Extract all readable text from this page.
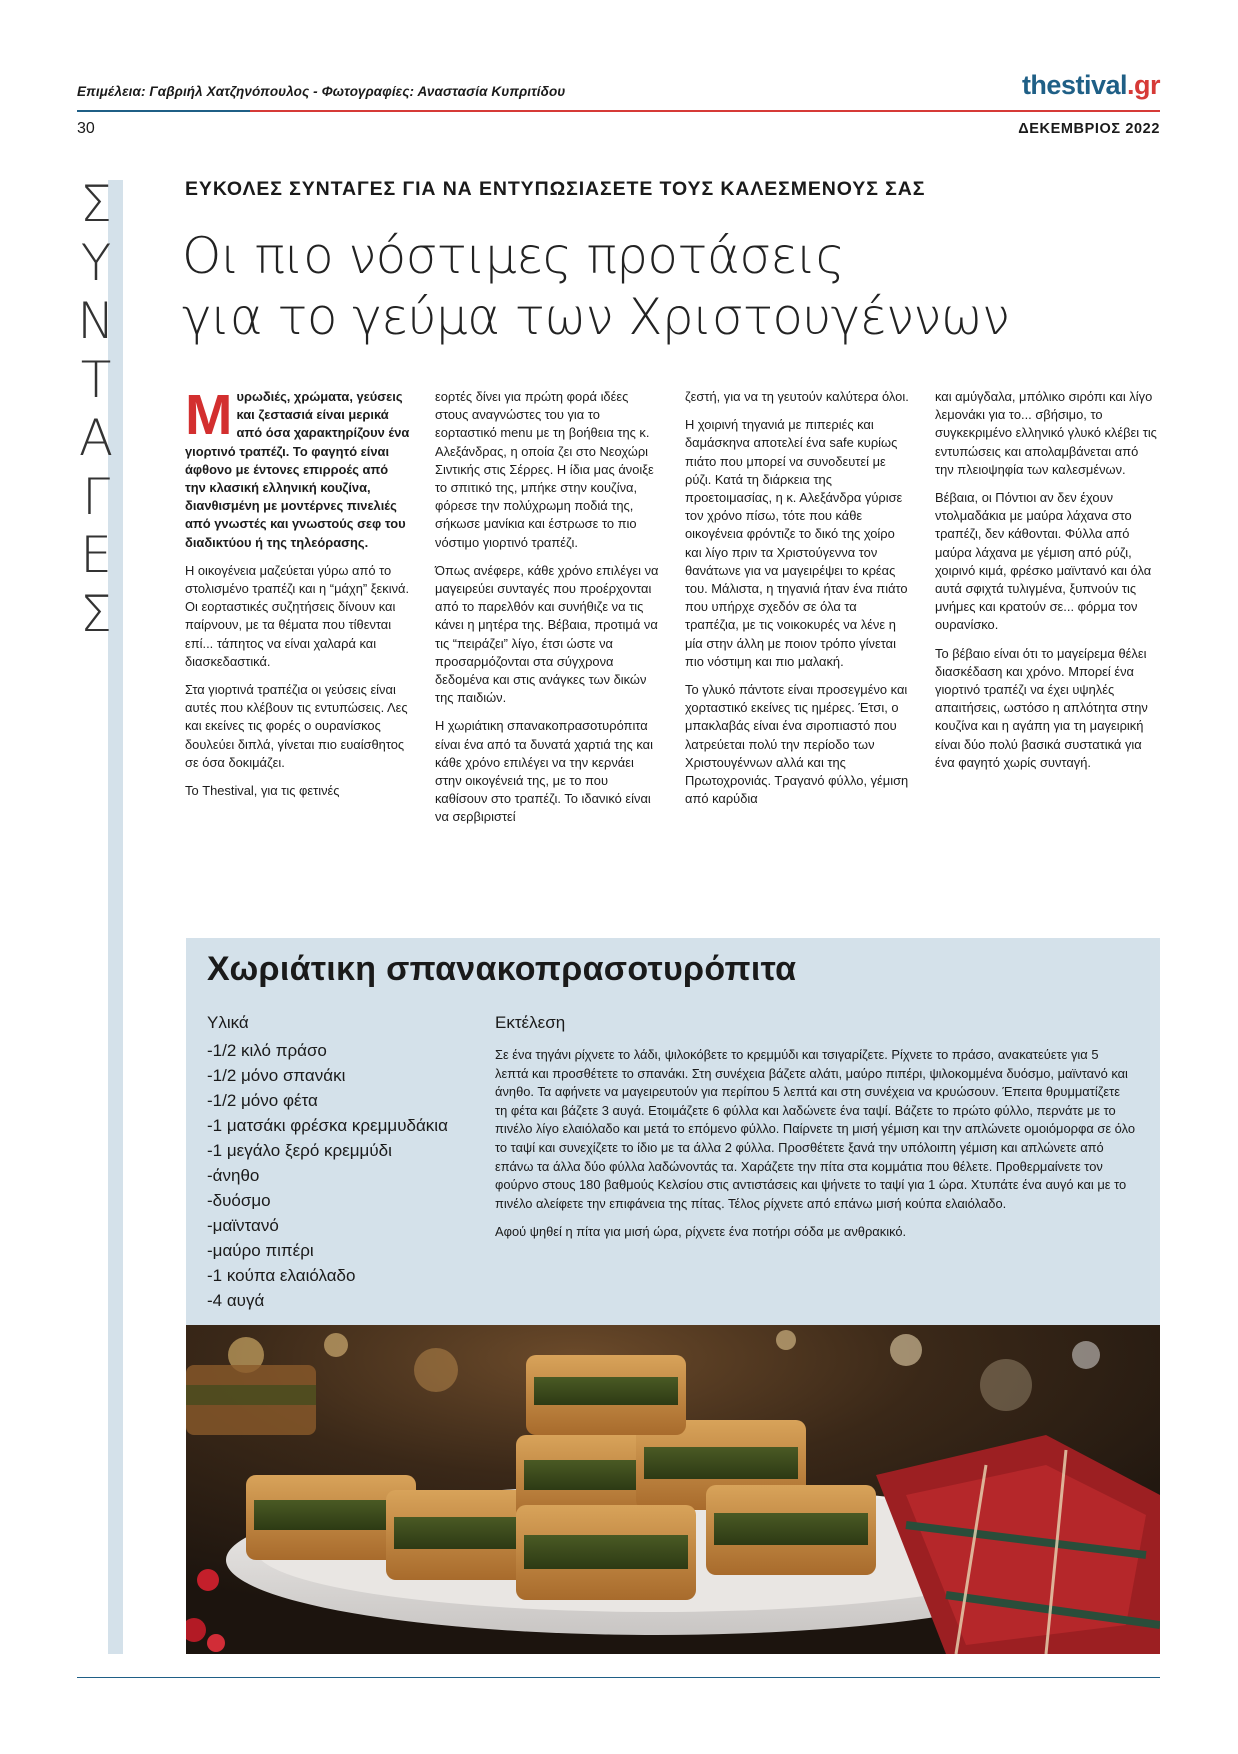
Επιμέλεια: Γαβριήλ Χατζηνόπουλος - Φωτογραφίες: Αναστασία Κυπριτίδου	thestival.gr
30	ΔΕΚΕΜΒΡΙΟΣ 2022
Σ
Υ
Ν
Τ
Α
Γ
Ε
Σ
ΕΥΚΟΛΕΣ ΣΥΝΤΑΓΕΣ ΓΙΑ ΝΑ ΕΝΤΥΠΩΣΙΑΣΕΤΕ ΤΟΥΣ ΚΑΛΕΣΜΕΝΟΥΣ ΣΑΣ
Οι πιο νόστιμες προτάσεις
για το γεύμα των Χριστουγέννων

Μυρωδιές, χρώματα, γεύσεις και ζεστασιά είναι μερικά από όσα χαρακτηρίζουν ένα γιορτινό τραπέζι. Το φαγητό είναι άφθονο με έντονες επιρροές από την κλασική ελληνική κουζίνα, διανθισμένη με μοντέρνες πινελιές από γνωστές και γνωστούς σεφ του διαδικτύου ή της τηλεόρασης.

Η οικογένεια μαζεύεται γύρω από το στολισμένο τραπέζι και η “μάχη” ξεκινά. Οι εορταστικές συζητήσεις δίνουν και παίρνουν, με τα θέματα που τίθενται επί... τάπητος να είναι χαλαρά και διασκεδαστικά.

Στα γιορτινά τραπέζια οι γεύσεις είναι αυτές που κλέβουν τις εντυπώσεις. Λες και εκείνες τις φορές ο ουρανίσκος δουλεύει διπλά, γίνεται πιο ευαίσθητος σε όσα δοκιμάζει.

Το Thestival, για τις φετινές

εορτές δίνει για πρώτη φορά ιδέες στους αναγνώστες του για το εορταστικό menu με τη βοήθεια της κ. Αλεξάνδρας, η οποία ζει στο Νεοχώρι Σιντικής στις Σέρρες. Η ίδια μας άνοιξε το σπιτικό της, μπήκε στην κουζίνα, φόρεσε την πολύχρωμη ποδιά της, σήκωσε μανίκια και έστρωσε το πιο νόστιμο γιορτινό τραπέζι.

Όπως ανέφερε, κάθε χρόνο επιλέγει να μαγειρεύει συνταγές που προέρχονται από το παρελθόν και συνήθιζε να τις κάνει η μητέρα της. Βέβαια, προτιμά να τις “πειράζει” λίγο, έτσι ώστε να προσαρμόζονται στα σύγχρονα δεδομένα και στις ανάγκες των δικών της παιδιών.

Η χωριάτικη σπανακοπρασοτυρόπιτα είναι ένα από τα δυνατά χαρτιά της και κάθε χρόνο επιλέγει να την κερνάει στην οικογένειά της, με το που καθίσουν στο τραπέζι. Το ιδανικό είναι να σερβιριστεί

ζεστή, για να τη γευτούν καλύτερα όλοι.

Η χοιρινή τηγανιά με πιπεριές και δαμάσκηνα αποτελεί ένα safe κυρίως πιάτο που μπορεί να συνοδευτεί με ρύζι. Κατά τη διάρκεια της προετοιμασίας, η κ. Αλεξάνδρα γύρισε τον χρόνο πίσω, τότε που κάθε οικογένεια φρόντιζε το δικό της χοίρο και λίγο πριν τα Χριστούγεννα τον θανάτωνε για να μαγειρέψει το κρέας του. Μάλιστα, η τηγανιά ήταν ένα πιάτο που υπήρχε σχεδόν σε όλα τα τραπέζια, με τις νοικοκυρές να λένε η μία στην άλλη με ποιον τρόπο γίνεται πιο νόστιμη και πιο μαλακή.

Το γλυκό πάντοτε είναι προσεγμένο και χορταστικό εκείνες τις ημέρες. Έτσι, ο μπακλαβάς είναι ένα σιροπιαστό που λατρεύεται πολύ την περίοδο των Χριστουγέννων αλλά και της Πρωτοχρονιάς. Τραγανό φύλλο, γέμιση από καρύδια

και αμύγδαλα, μπόλικο σιρόπι και λίγο λεμονάκι για το... σβήσιμο, το συγκεκριμένο ελληνικό γλυκό κλέβει τις εντυπώσεις και απολαμβάνεται από την πλειοψηφία των καλεσμένων.

Βέβαια, οι Πόντιοι αν δεν έχουν ντολμαδάκια με μαύρα λάχανα στο τραπέζι, δεν κάθονται. Φύλλα από μαύρα λάχανα με γέμιση από ρύζι, χοιρινό κιμά, φρέσκο μαϊντανό και όλα αυτά σφιχτά τυλιγμένα, ξυπνούν τις μνήμες και κρατούν σε... φόρμα τον ουρανίσκο.

Το βέβαιο είναι ότι το μαγείρεμα θέλει διασκέδαση και χρόνο. Μπορεί ένα γιορτινό τραπέζι να έχει υψηλές απαιτήσεις, ωστόσο η απλότητα στην κουζίνα και η αγάπη για τη μαγειρική είναι δύο πολύ βασικά συστατικά για ένα φαγητό χωρίς συνταγή.

Χωριάτικη σπανακοπρασοτυρόπιτα
Υλικά
-1/2 κιλό πράσο
-1/2 μόνο σπανάκι
-1/2 μόνο φέτα
-1 ματσάκι φρέσκα κρεμμυδάκια
-1 μεγάλο ξερό κρεμμύδι
-άνηθο
-δυόσμο
-μαϊντανό
-μαύρο πιπέρι
-1 κούπα ελαιόλαδο
-4 αυγά
Εκτέλεση

Σε ένα τηγάνι ρίχνετε το λάδι, ψιλοκόβετε το κρεμμύδι και τσιγαρίζετε. Ρίχνετε το πράσο, ανακατεύετε για 5 λεπτά και προσθέτετε το σπανάκι. Στη συνέχεια βάζετε αλάτι, μαύρο πιπέρι, ψιλοκομμένα δυόσμο, μαϊντανό και άνηθο. Τα αφήνετε να μαγειρευτούν για περίπου 5 λεπτά και στη συνέχεια να κρυώσουν. Έπειτα θρυμματίζετε τη φέτα και βάζετε 3 αυγά. Ετοιμάζετε 6 φύλλα και λαδώνετε ένα ταψί. Βάζετε το πρώτο φύλλο, περνάτε με το πινέλο λίγο ελαιόλαδο και μετά το επόμενο φύλλο. Παίρνετε τη μισή γέμιση και την απλώνετε ομοιόμορφα σε όλο το ταψί και συνεχίζετε το ίδιο με τα άλλα 2 φύλλα. Προσθέτετε ξανά την υπόλοιπη γέμιση και απλώνετε από επάνω τα άλλα δύο φύλλα λαδώνοντάς τα. Χαράζετε την πίτα στα κομμάτια που θέλετε. Προθερμαίνετε τον φούρνο στους 180 βαθμούς Κελσίου στις αντιστάσεις και ψήνετε το ταψί για 1 ώρα. Χτυπάτε ένα αυγό και με το πινέλο αλείφετε την επιφάνεια της πίτας. Τέλος ρίχνετε από επάνω μισή κούπα ελαιόλαδο.

Αφού ψηθεί η πίτα για μισή ώρα, ρίχνετε ένα ποτήρι σόδα με ανθρακικό.
